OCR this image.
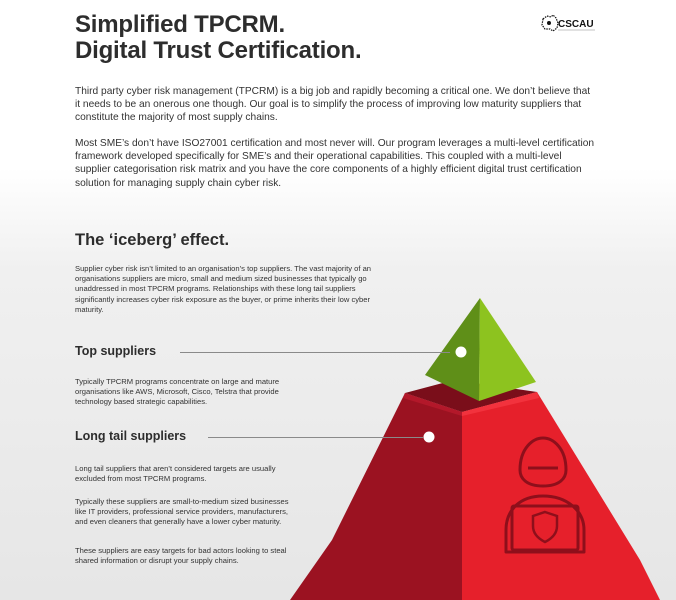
Simplified TPCRM.
Digital Trust Certification.
CSCAU

Third party cyber risk management (TPCRM) is a big job and rapidly becoming a critical one. We don’t believe that it needs to be an onerous one though. Our goal is to simplify the process of improving low maturity suppliers that constitute the majority of most supply chains.

Most SME’s don’t have ISO27001 certification and most never will. Our program leverages a multi-level certification framework developed specifically for SME’s and their operational capabilities. This coupled with a multi-level supplier categorisation risk matrix and you have the core components of a highly efficient digital trust certification solution for managing supply chain cyber risk.

The ‘iceberg’ effect.

Supplier cyber risk isn’t limited to an organisation’s top suppliers. The vast majority of an organisations suppliers are micro, small and medium sized businesses that typically go unaddressed in most TPCRM programs. Relationships with these long tail suppliers significantly increases cyber risk exposure as the buyer, or prime inherits their low cyber maturity.

Top suppliers

Typically TPCRM programs concentrate on large and mature organisations like AWS, Microsoft, Cisco, Telstra that provide technology based strategic capabilities.

Long tail suppliers

Long tail suppliers that aren’t considered targets are usually excluded from most TPCRM programs.

Typically these suppliers are small-to-medium sized businesses like IT providers, professional service providers, manufacturers, and even cleaners that generally have a lower cyber maturity.

These suppliers are easy targets for bad actors looking to steal shared information or disrupt your supply chains.
